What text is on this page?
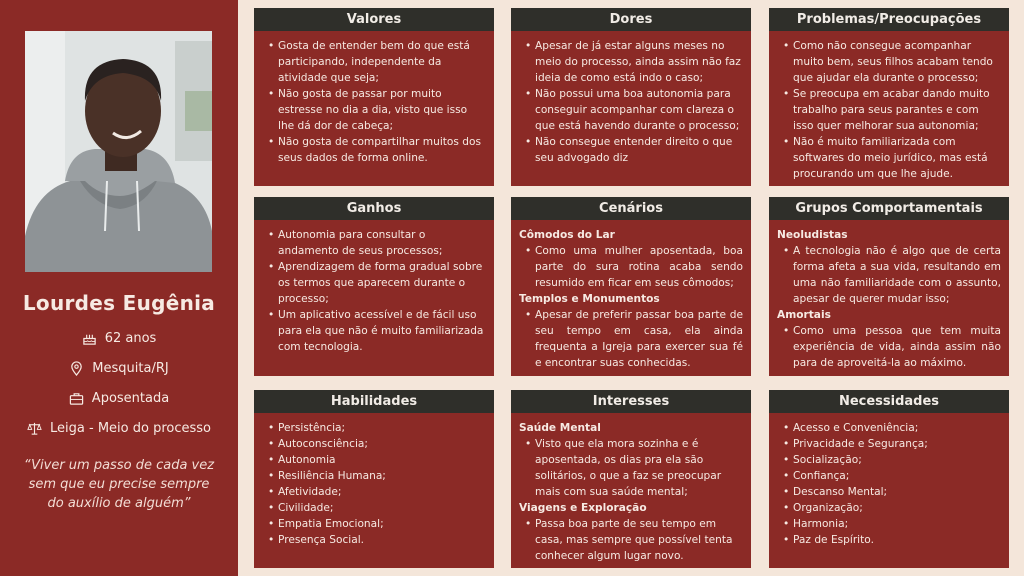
Lourdes Eugênia
62 anos
Mesquita/RJ
Aposentada
Leiga - Meio do processo
“Viver um passo de cada vez sem que eu precise sempre do auxílio de alguém”
Valores
• Gosta de entender bem do que está participando, independente da atividade que seja;
• Não gosta de passar por muito estresse no dia a dia, visto que isso lhe dá dor de cabeça;
• Não gosta de compartilhar muitos dos seus dados de forma online.
Dores
• Apesar de já estar alguns meses no meio do processo, ainda assim não faz ideia de como está indo o caso;
• Não possui uma boa autonomia para conseguir acompanhar com clareza o que está havendo durante o processo;
• Não consegue entender direito o que seu advogado diz
Problemas/Preocupações
• Como não consegue acompanhar muito bem, seus filhos acabam tendo que ajudar ela durante o processo;
• Se preocupa em acabar dando muito trabalho para seus parantes e com isso quer melhorar sua autonomia;
• Não é muito familiarizada com softwares do meio jurídico, mas está procurando um que lhe ajude.
Ganhos
• Autonomia para consultar o andamento de seus processos;
• Aprendizagem de forma gradual sobre os termos que aparecem durante o processo;
• Um aplicativo acessível e de fácil uso para ela que não é muito familiarizada com tecnologia.
Cenários
Cômodos do Lar
• Como uma mulher aposentada, boa parte do sura rotina acaba sendo resumido em ficar em seus cômodos;
Templos e Monumentos
• Apesar de preferir passar boa parte de seu tempo em casa, ela ainda frequenta a Igreja para exercer sua fé e encontrar suas conhecidas.
Grupos Comportamentais
Neoludistas
• A tecnologia não é algo que de certa forma afeta a sua vida, resultando em uma não familiaridade com o assunto, apesar de querer mudar isso;
Amortais
• Como uma pessoa que tem muita experiência de vida, ainda assim não para de aproveitá-la ao máximo.
Habilidades
• Persistência;
• Autoconsciência;
• Autonomia
• Resiliência Humana;
• Afetividade;
• Civilidade;
• Empatia Emocional;
• Presença Social.
Interesses
Saúde Mental
• Visto que ela mora sozinha e é aposentada, os dias pra ela são solitários, o que a faz se preocupar mais com sua saúde mental;
Viagens e Exploração
• Passa boa parte de seu tempo em casa, mas sempre que possível tenta conhecer algum lugar novo.
Necessidades
• Acesso e Conveniência;
• Privacidade e Segurança;
• Socialização;
• Confiança;
• Descanso Mental;
• Organização;
• Harmonia;
• Paz de Espírito.
